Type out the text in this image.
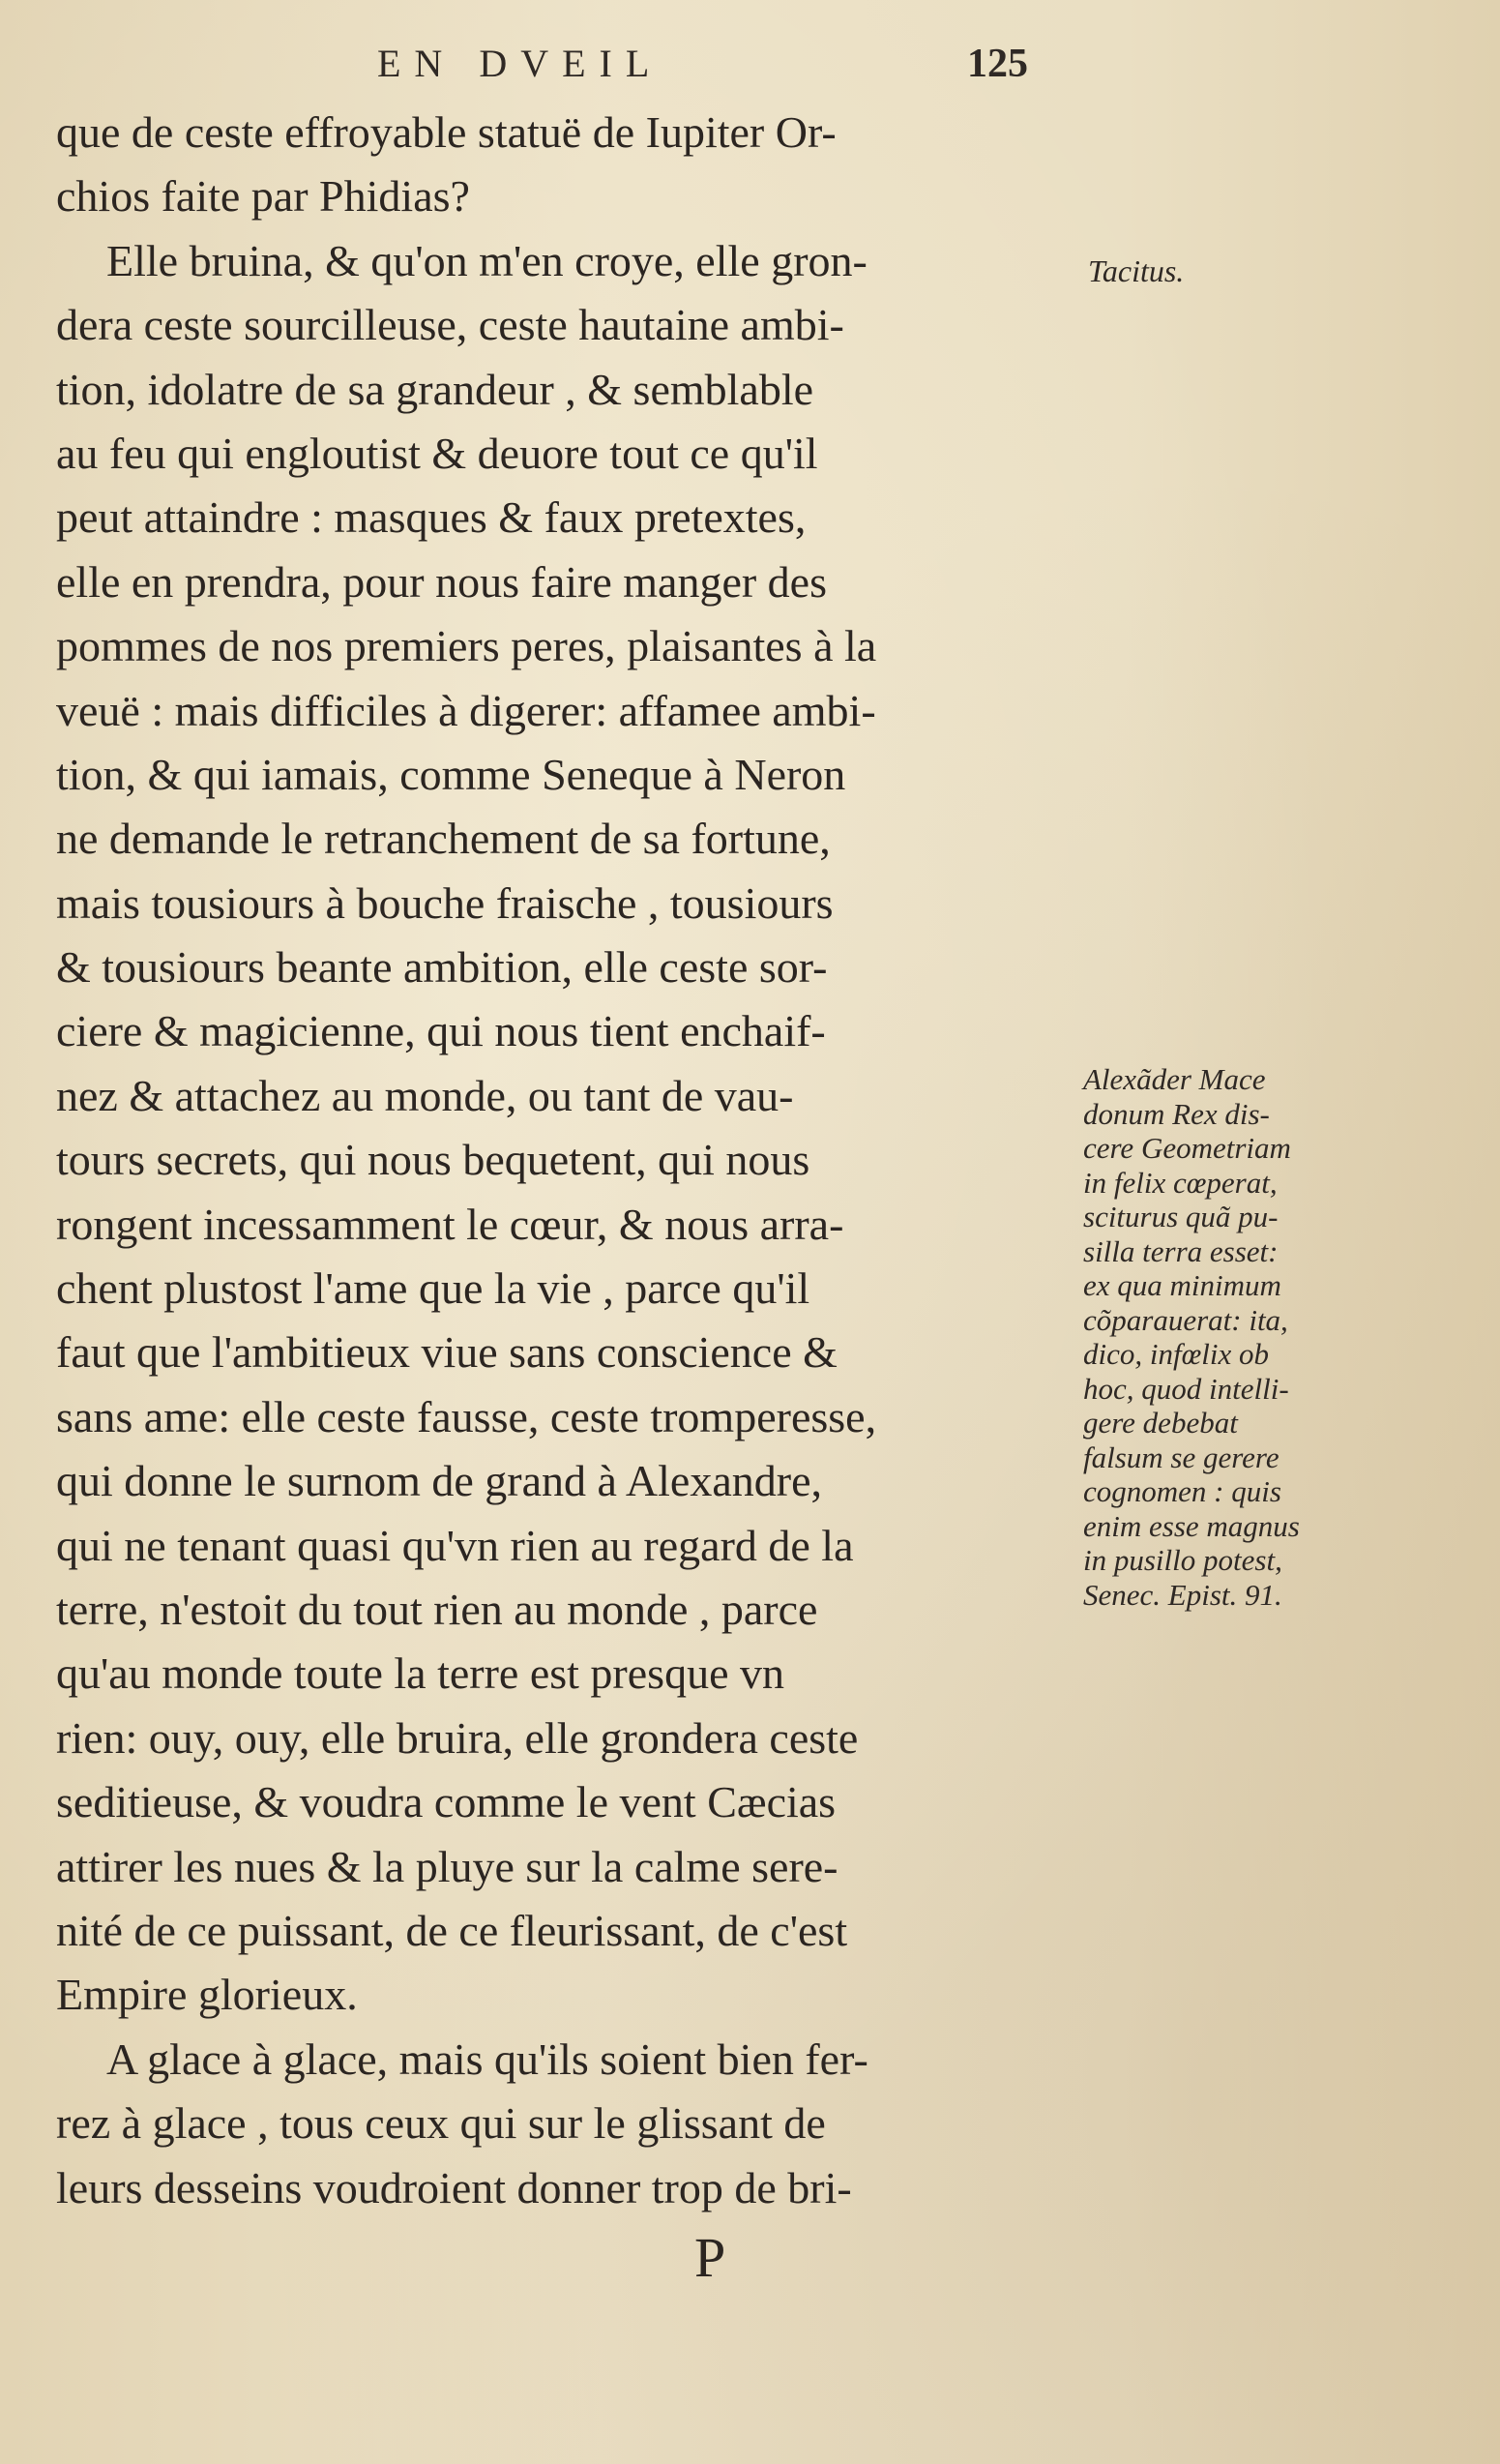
EN DVEIL	125
que de ceste effroyable statuë de Iupiter Or-
chios faite par Phidias?
Elle bruina, & qu'on m'en croye, elle gron-
dera ceste sourcilleuse, ceste hautaine ambi-
tion, idolatre de sa grandeur , & semblable
au feu qui engloutist & deuore tout ce qu'il
peut attaindre : masques & faux pretextes,
elle en prendra, pour nous faire manger des
pommes de nos premiers peres, plaisantes à la
veuë : mais difficiles à digerer: affamee ambi-
tion, & qui iamais, comme Seneque à Neron
ne demande le retranchement de sa fortune,
mais tousiours à bouche fraische , tousiours
& tousiours beante ambition, elle ceste sor-
ciere & magicienne, qui nous tient enchaif-
nez & attachez au monde, ou tant de vau-
tours secrets, qui nous bequetent, qui nous
rongent incessamment le cœur, & nous arra-
chent plustost l'ame que la vie , parce qu'il
faut que l'ambitieux viue sans conscience &
sans ame: elle ceste fausse, ceste tromperesse,
qui donne le surnom de grand à Alexandre,
qui ne tenant quasi qu'vn rien au regard de la
terre, n'estoit du tout rien au monde , parce
qu'au monde toute la terre est presque vn
rien: ouy, ouy, elle bruira, elle grondera ceste
seditieuse, & voudra comme le vent Cæcias
attirer les nues & la pluye sur la calme sere-
nité de ce puissant, de ce fleurissant, de c'est
Empire glorieux.
A glace à glace, mais qu'ils soient bien fer-
rez à glace , tous ceux qui sur le glissant de
leurs desseins voudroient donner trop de bri-
Tacitus.
Alexãder Mace
donum Rex dis-
cere Geometriam
in felix cœperat,
sciturus quã pu-
silla terra esset:
ex qua minimum
cõparauerat: ita,
dico, infœlix ob
hoc, quod intelli-
gere debebat
falsum se gerere
cognomen : quis
enim esse magnus
in pusillo potest,
Senec. Epist. 91.
P
